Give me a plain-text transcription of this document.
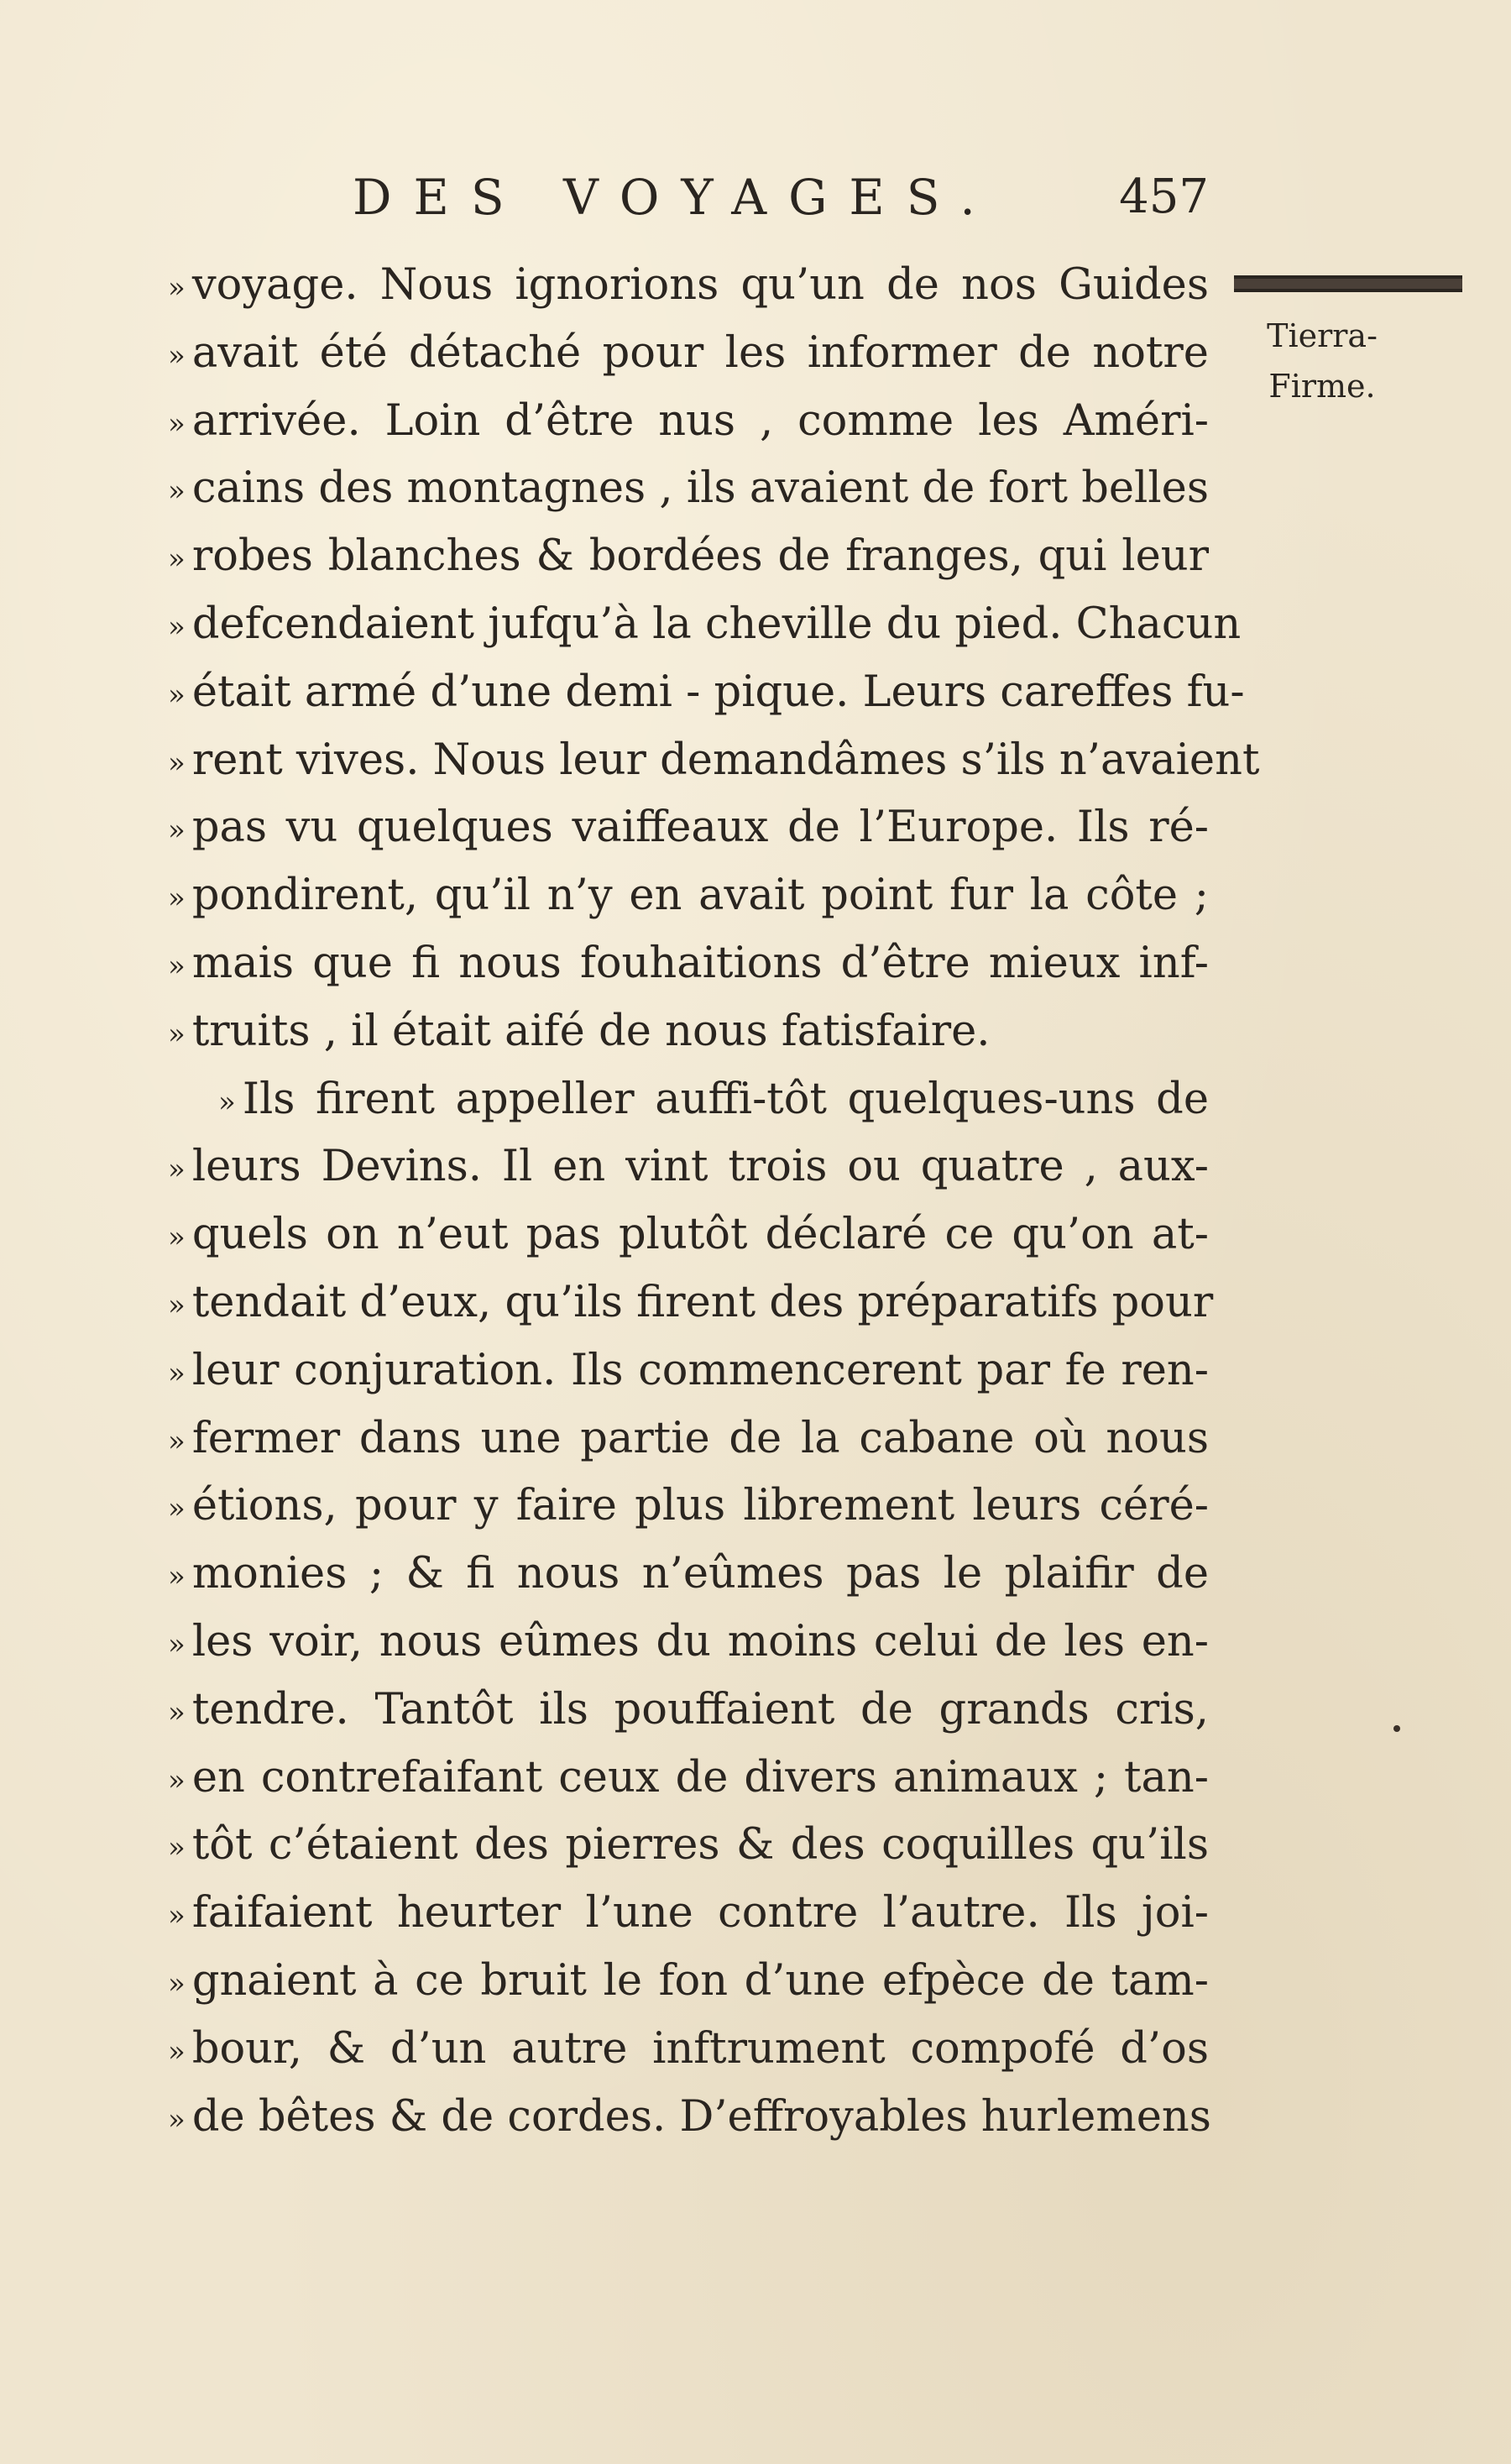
DES VOYAGES.	457
Tierra-
Firme.
» voyage. Nous ignorions qu’un de nos Guides
» avait été détaché pour les informer de notre
» arrivée. Loin d’être nus , comme les Améri-
» cains des montagnes , ils avaient de fort belles
» robes blanches & bordées de franges, qui leur
» defcendaient jufqu’à la cheville du pied. Chacun
» était armé d’une demi - pique. Leurs careffes fu-
» rent vives. Nous leur demandâmes s’ils n’avaient
» pas vu quelques vaiffeaux de l’Europe. Ils ré-
» pondirent, qu’il n’y en avait point fur la côte ;
» mais que fi nous fouhaitions d’être mieux inf-
» truits , il était aifé de nous fatisfaire.
» Ils firent appeller auffi-tôt quelques-uns de
» leurs Devins. Il en vint trois ou quatre , aux-
» quels on n’eut pas plutôt déclaré ce qu’on at-
» tendait d’eux, qu’ils firent des préparatifs pour
» leur conjuration. Ils commencerent par fe ren-
» fermer dans une partie de la cabane où nous
» étions, pour y faire plus librement leurs céré-
» monies ; & fi nous n’eûmes pas le plaifir de
» les voir, nous eûmes du moins celui de les en-
» tendre. Tantôt ils pouffaient de grands cris,
» en contrefaifant ceux de divers animaux ; tan-
» tôt c’étaient des pierres & des coquilles qu’ils
» faifaient heurter l’une contre l’autre. Ils joi-
» gnaient à ce bruit le fon d’une efpèce de tam-
» bour, & d’un autre inftrument compofé d’os
» de bêtes & de cordes. D’effroyables hurlemens
